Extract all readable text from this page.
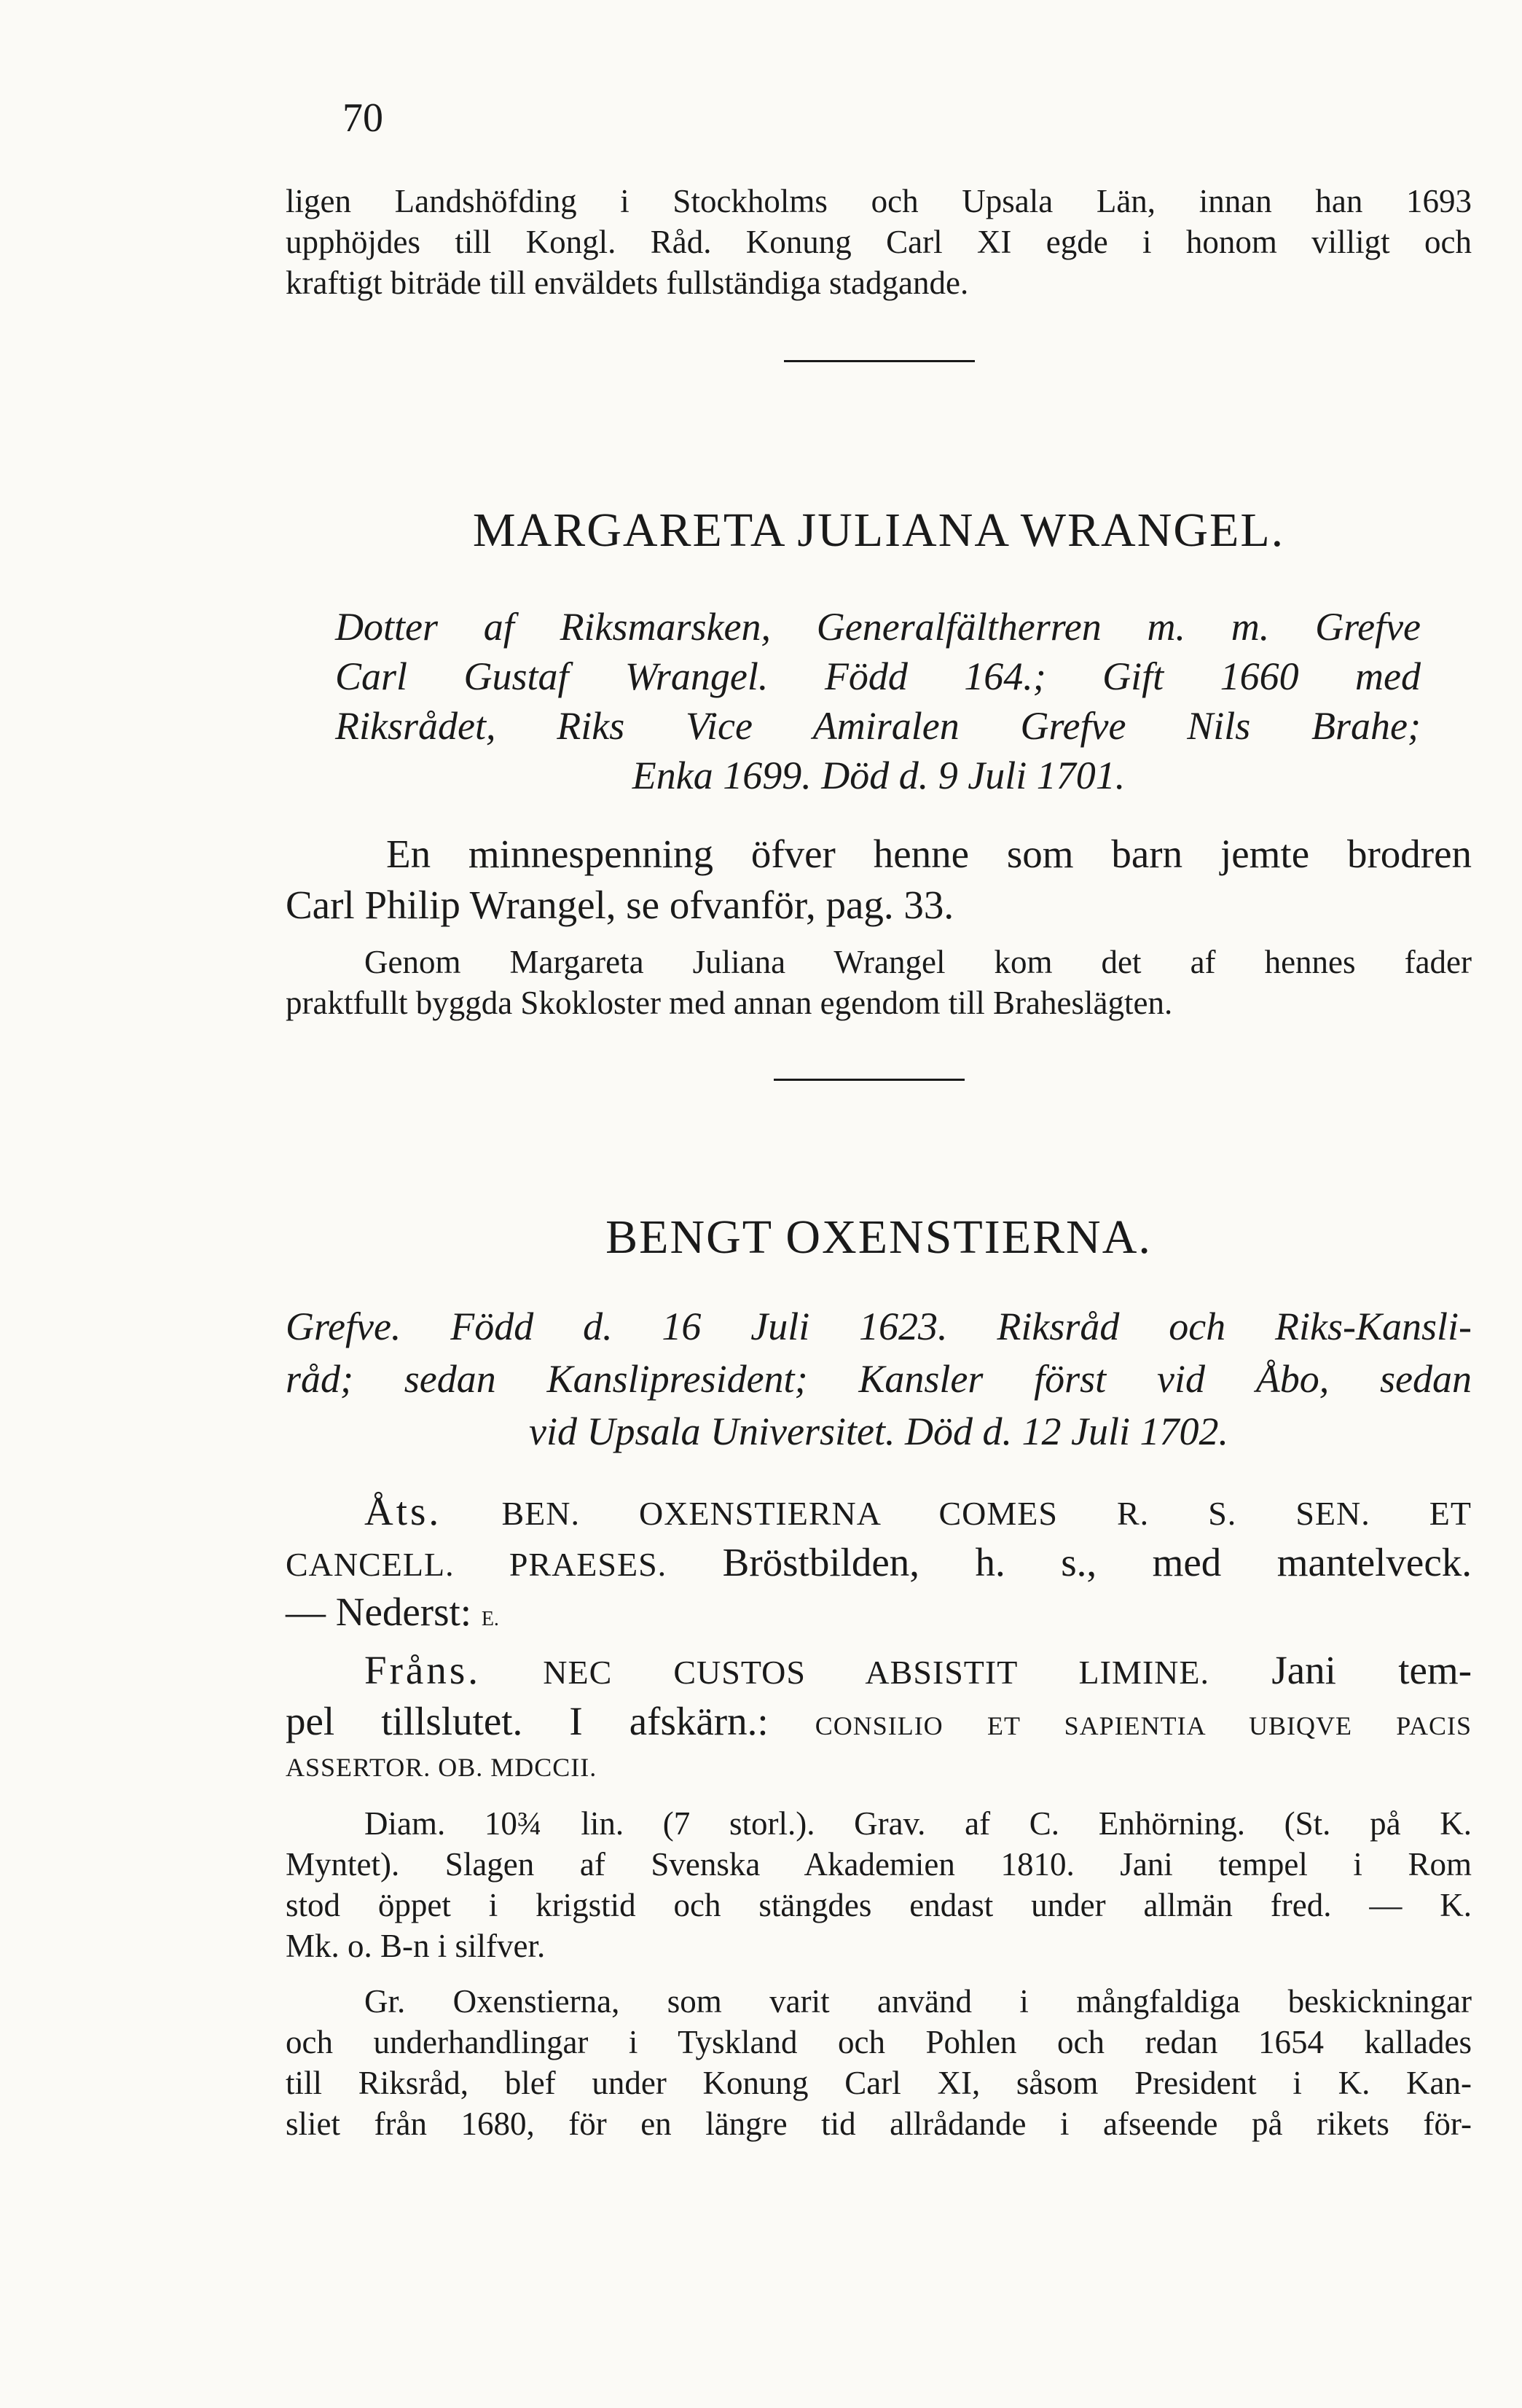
70
ligen Landshöfding i Stockholms och Upsala Län, innan han 1693
upphöjdes till Kongl. Råd. Konung Carl XI egde i honom villigt och
kraftigt biträde till enväldets fullständiga stadgande.
MARGARETA JULIANA WRANGEL.
Dotter af Riksmarsken, Generalfältherren m. m. Grefve
Carl Gustaf Wrangel. Född 164.; Gift 1660 med
Riksrådet, Riks Vice Amiralen Grefve Nils Brahe;
Enka 1699. Död d. 9 Juli 1701.
En minnespenning öfver henne som barn jemte brodren
Carl Philip Wrangel, se ofvanför, pag. 33.
Genom Margareta Juliana Wrangel kom det af hennes fader
praktfullt byggda Skokloster med annan egendom till Braheslägten.
BENGT OXENSTIERNA.
Grefve. Född d. 16 Juli 1623. Riksråd och Riks-Kansli-
råd; sedan Kanslipresident; Kansler först vid Åbo, sedan
vid Upsala Universitet. Död d. 12 Juli 1702.
Åts. BEN. OXENSTIERNA COMES R. S. SEN. ET
CANCELL. PRAESES. Bröstbilden, h. s., med mantelveck.
— Nederst: E.
Fråns. NEC CUSTOS ABSISTIT LIMINE. Jani tem-
pel tillslutet. I afskärn.: CONSILIO ET SAPIENTIA UBIQVE PACIS
ASSERTOR. OB. MDCCII.
Diam. 10¾ lin. (7 storl.). Grav. af C. Enhörning. (St. på K.
Myntet). Slagen af Svenska Akademien 1810. Jani tempel i Rom
stod öppet i krigstid och stängdes endast under allmän fred. — K.
Mk. o. B-n i silfver.
Gr. Oxenstierna, som varit använd i mångfaldiga beskickningar
och underhandlingar i Tyskland och Pohlen och redan 1654 kallades
till Riksråd, blef under Konung Carl XI, såsom President i K. Kan-
sliet från 1680, för en längre tid allrådande i afseende på rikets för-
